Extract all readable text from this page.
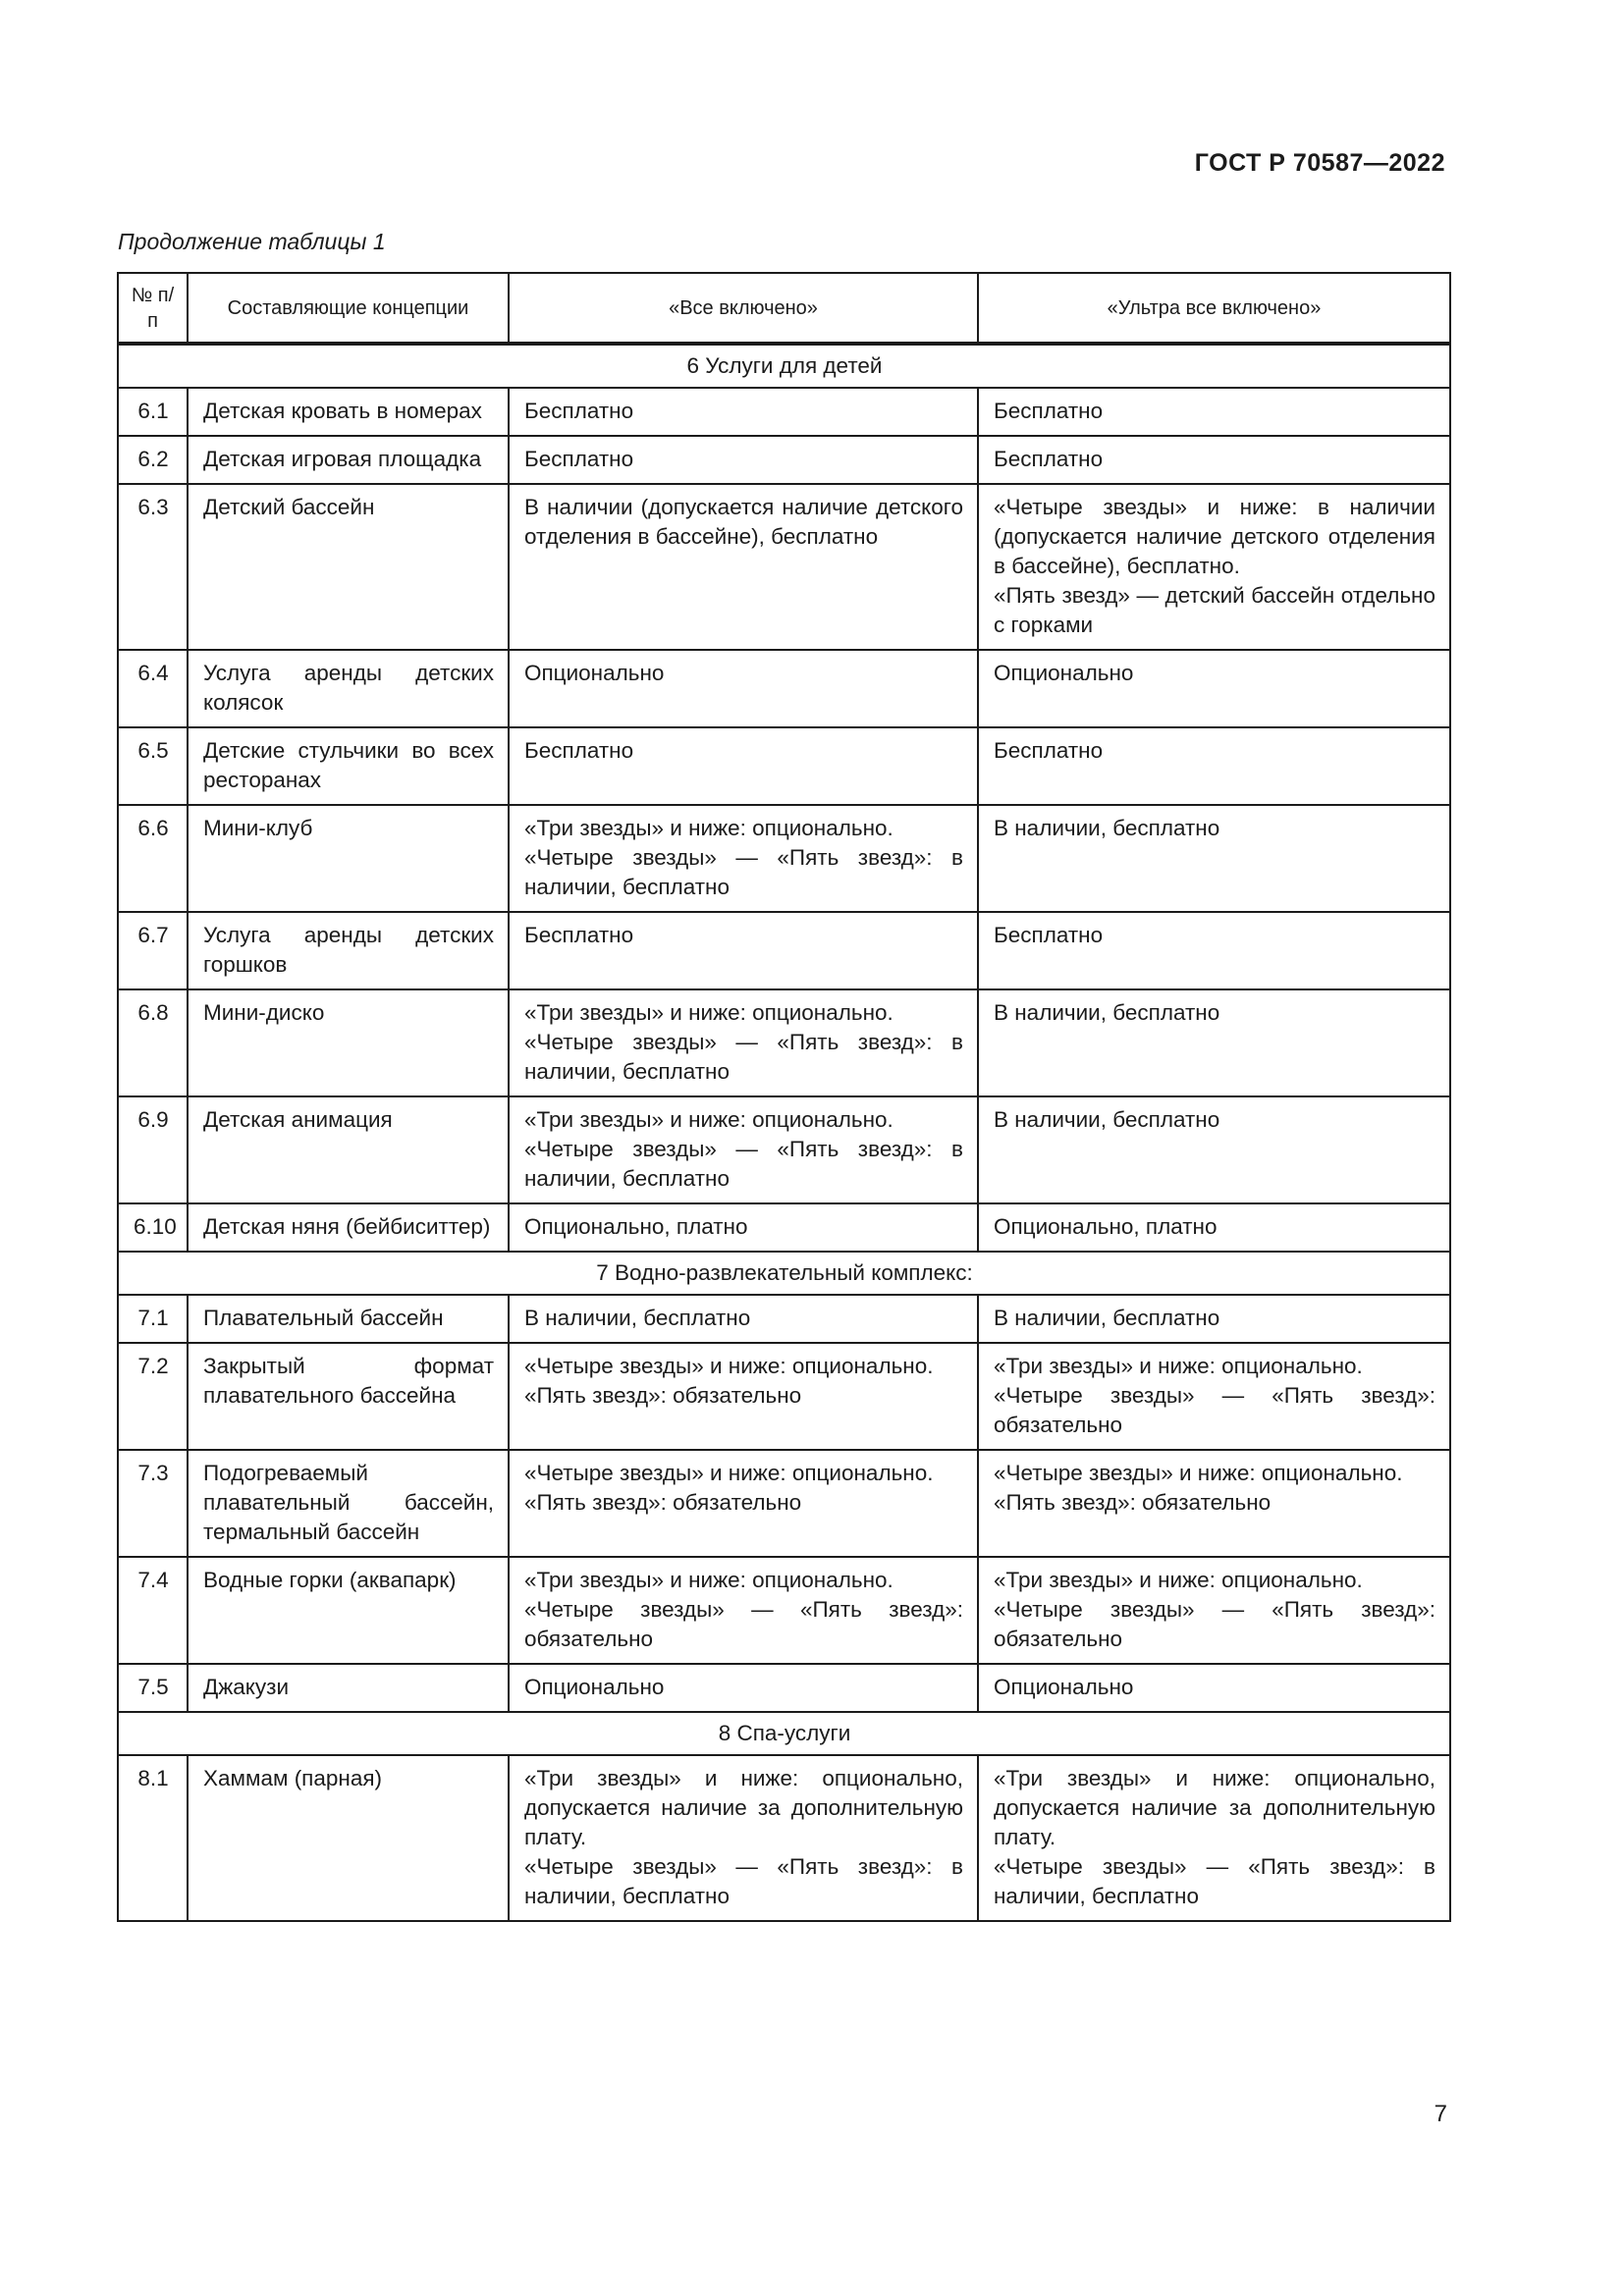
ГОСТ Р 70587—2022
Продолжение таблицы 1
№ п/п	Составляющие концепции	«Все включено»	«Ультра все включено»
6 Услуги для детей			
6.1	Детская кровать в номерах	Бесплатно	Бесплатно

6.2	Детская игровая площадка	Бесплатно	Бесплатно

6.3	Детский бассейн	В наличии (допускается наличие детского отделения в бассейне), бесплатно	«Четыре звезды» и ниже: в наличии (допускается наличие детского отделения в бассейне), бесплатно.
«Пять звезд» — детский бассейн отдельно с горками

6.4	Услуга аренды детских колясок	Опционально	Опционально

6.5	Детские стульчики во всех ресторанах	Бесплатно	Бесплатно

6.6	Мини-клуб	«Три звезды» и ниже: опционально.
«Четыре звезды» — «Пять звезд»: в наличии, бесплатно	В наличии, бесплатно

6.7	Услуга аренды детских горшков	Бесплатно	Бесплатно

6.8	Мини-диско	«Три звезды» и ниже: опционально.
«Четыре звезды» — «Пять звезд»: в наличии, бесплатно	В наличии, бесплатно

6.9	Детская анимация	«Три звезды» и ниже: опционально.
«Четыре звезды» — «Пять звезд»: в наличии, бесплатно	В наличии, бесплатно

6.10	Детская няня (бейбиситтер)	Опционально, платно	Опционально, платно

7 Водно-развлекательный комплекс:			
7.1	Плавательный бассейн	В наличии, бесплатно	В наличии, бесплатно

7.2	Закрытый формат плавательного бассейна	«Четыре звезды» и ниже: опционально.
«Пять звезд»: обязательно	«Три звезды» и ниже: опционально.
«Четыре звезды» — «Пять звезд»: обязательно

7.3	Подогреваемый плавательный бассейн, термальный бассейн	«Четыре звезды» и ниже: опционально.
«Пять звезд»: обязательно	«Четыре звезды» и ниже: опционально.
«Пять звезд»: обязательно

7.4	Водные горки (аквапарк)	«Три звезды» и ниже: опционально.
«Четыре звезды» — «Пять звезд»: обязательно	«Три звезды» и ниже: опционально.
«Четыре звезды» — «Пять звезд»: обязательно

7.5	Джакузи	Опционально	Опционально

8 Спа-услуги			
8.1	Хаммам (парная)	«Три звезды» и ниже: опционально, допускается наличие за дополнительную плату.
«Четыре звезды» — «Пять звезд»: в наличии, бесплатно	«Три звезды» и ниже: опционально, допускается наличие за дополнительную плату.
«Четыре звезды» — «Пять звезд»: в наличии, бесплатно
7
